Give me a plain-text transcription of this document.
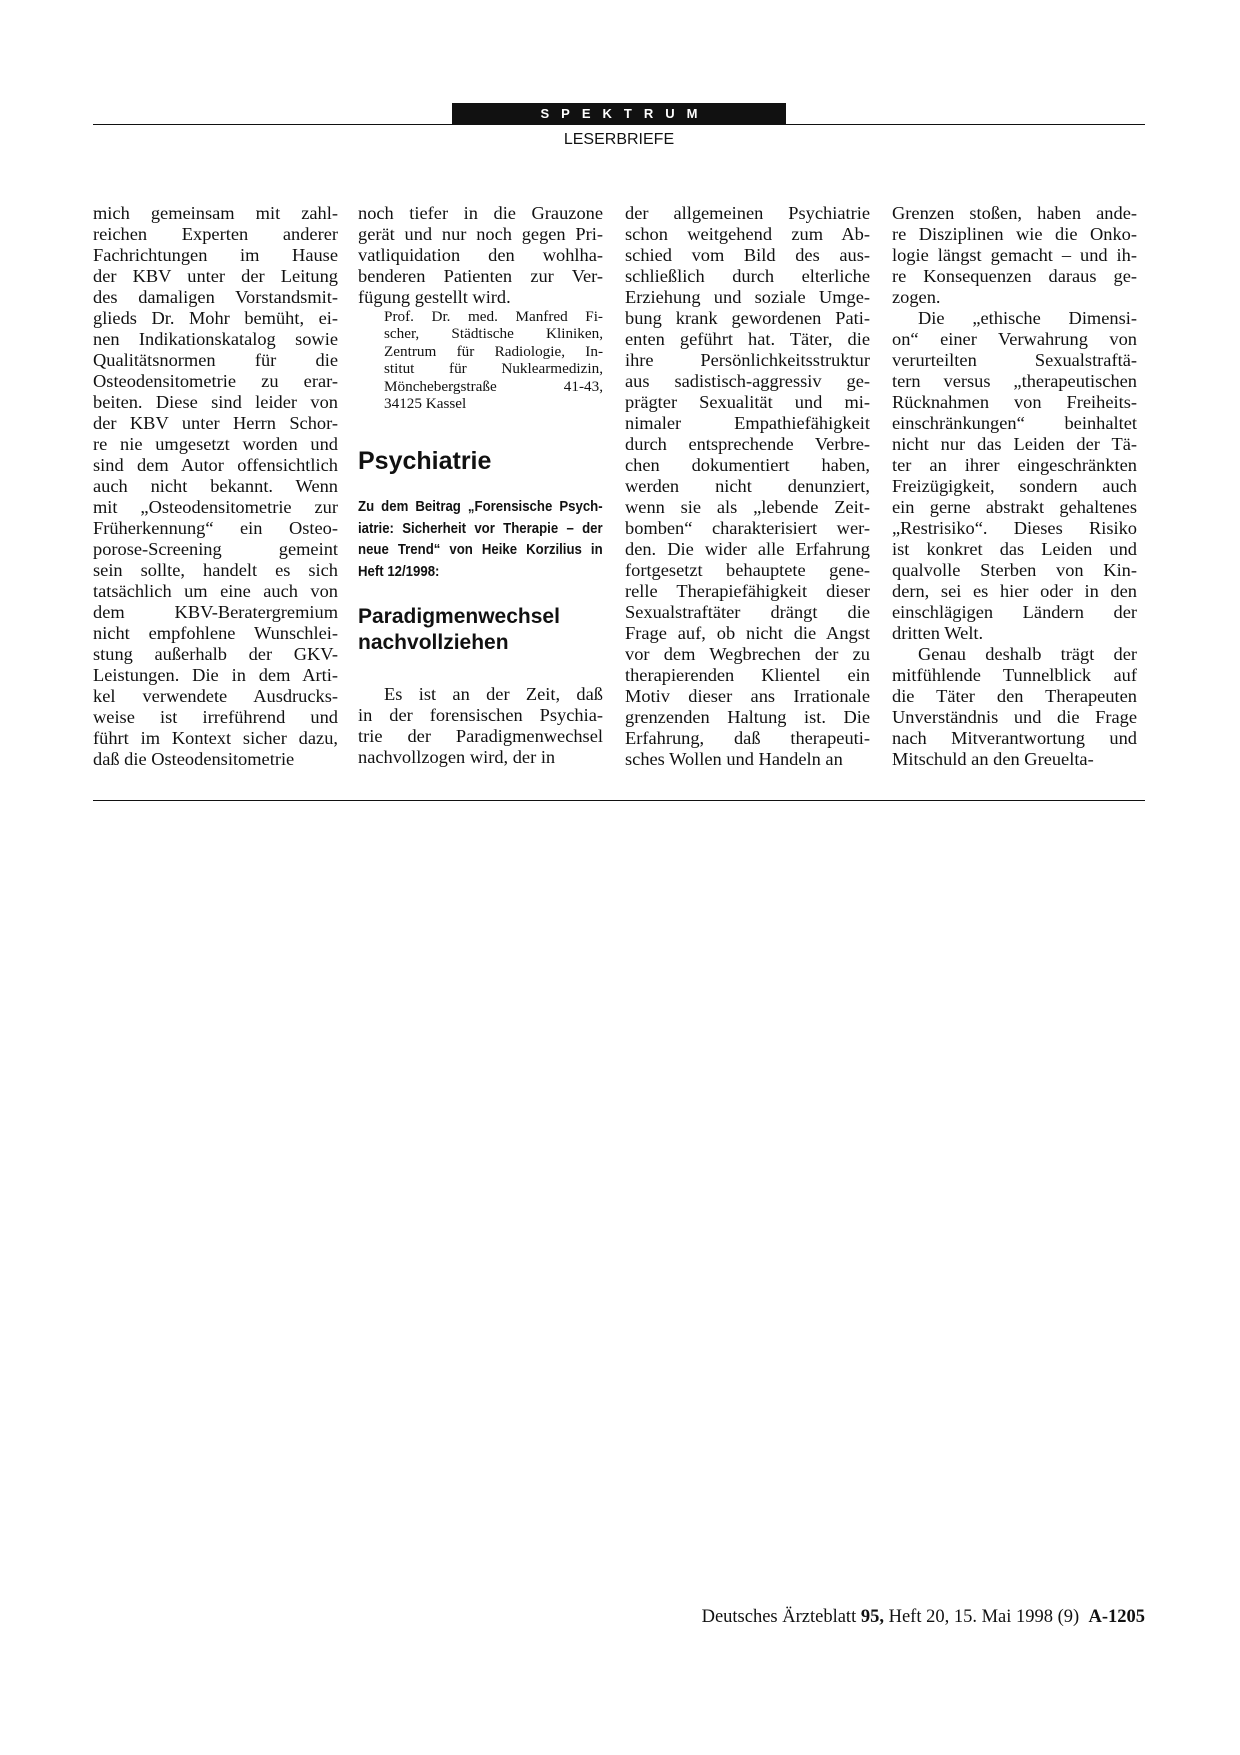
SPEKTRUM
LESERBRIEFE

mich gemeinsam mit zahl-

reichen Experten anderer

Fachrichtungen im Hause

der KBV unter der Leitung

des damaligen Vorstandsmit-

glieds Dr. Mohr bemüht, ei-

nen Indikationskatalog sowie

Qualitätsnormen für die

Osteodensitometrie zu erar-

beiten. Diese sind leider von

der KBV unter Herrn Schor-

re nie umgesetzt worden und

sind dem Autor offensichtlich

auch nicht bekannt. Wenn

mit „Osteodensitometrie zur

Früherkennung“ ein Osteo-

porose-Screening gemeint

sein sollte, handelt es sich

tatsächlich um eine auch von

dem KBV-Beratergremium

nicht empfohlene Wunschlei-

stung außerhalb der GKV-

Leistungen. Die in dem Arti-

kel verwendete Ausdrucks-

weise ist irreführend und

führt im Kontext sicher dazu,

daß die Osteodensitometrie

noch tiefer in die Grauzone

gerät und nur noch gegen Pri-

vatliquidation den wohlha-

benderen Patienten zur Ver-

fügung gestellt wird.

Prof. Dr. med. Manfred Fi-

scher, Städtische Kliniken,

Zentrum für Radiologie, In-

stitut für Nuklearmedizin,

Mönchebergstraße 41-43,

34125 Kassel

Psychiatrie

Zu dem Beitrag „Forensische Psych-

iatrie: Sicherheit vor Therapie – der

neue Trend“ von Heike Korzilius in

Heft 12/1998:

Paradigmenwechsel

nachvollziehen

Es ist an der Zeit, daß

in der forensischen Psychia-

trie der Paradigmenwechsel

nachvollzogen wird, der in

der allgemeinen Psychiatrie

schon weitgehend zum Ab-

schied vom Bild des aus-

schließlich durch elterliche

Erziehung und soziale Umge-

bung krank gewordenen Pati-

enten geführt hat. Täter, die

ihre Persönlichkeitsstruktur

aus sadistisch-aggressiv ge-

prägter Sexualität und mi-

nimaler Empathiefähigkeit

durch entsprechende Verbre-

chen dokumentiert haben,

werden nicht denunziert,

wenn sie als „lebende Zeit-

bomben“ charakterisiert wer-

den. Die wider alle Erfahrung

fortgesetzt behauptete gene-

relle Therapiefähigkeit dieser

Sexualstraftäter drängt die

Frage auf, ob nicht die Angst

vor dem Wegbrechen der zu

therapierenden Klientel ein

Motiv dieser ans Irrationale

grenzenden Haltung ist. Die

Erfahrung, daß therapeuti-

sches Wollen und Handeln an

Grenzen stoßen, haben ande-

re Disziplinen wie die Onko-

logie längst gemacht – und ih-

re Konsequenzen daraus ge-

zogen.

Die „ethische Dimensi-

on“ einer Verwahrung von

verurteilten Sexualstraftä-

tern versus „therapeutischen

Rücknahmen von Freiheits-

einschränkungen“ beinhaltet

nicht nur das Leiden der Tä-

ter an ihrer eingeschränkten

Freizügigkeit, sondern auch

ein gerne abstrakt gehaltenes

„Restrisiko“. Dieses Risiko

ist konkret das Leiden und

qualvolle Sterben von Kin-

dern, sei es hier oder in den

einschlägigen Ländern der

dritten Welt.

Genau deshalb trägt der

mitfühlende Tunnelblick auf

die Täter den Therapeuten

Unverständnis und die Frage

nach Mitverantwortung und

Mitschuld an den Greuelta-

Deutsches Ärzteblatt 95, Heft 20, 15. Mai 1998 (9) A-1205
